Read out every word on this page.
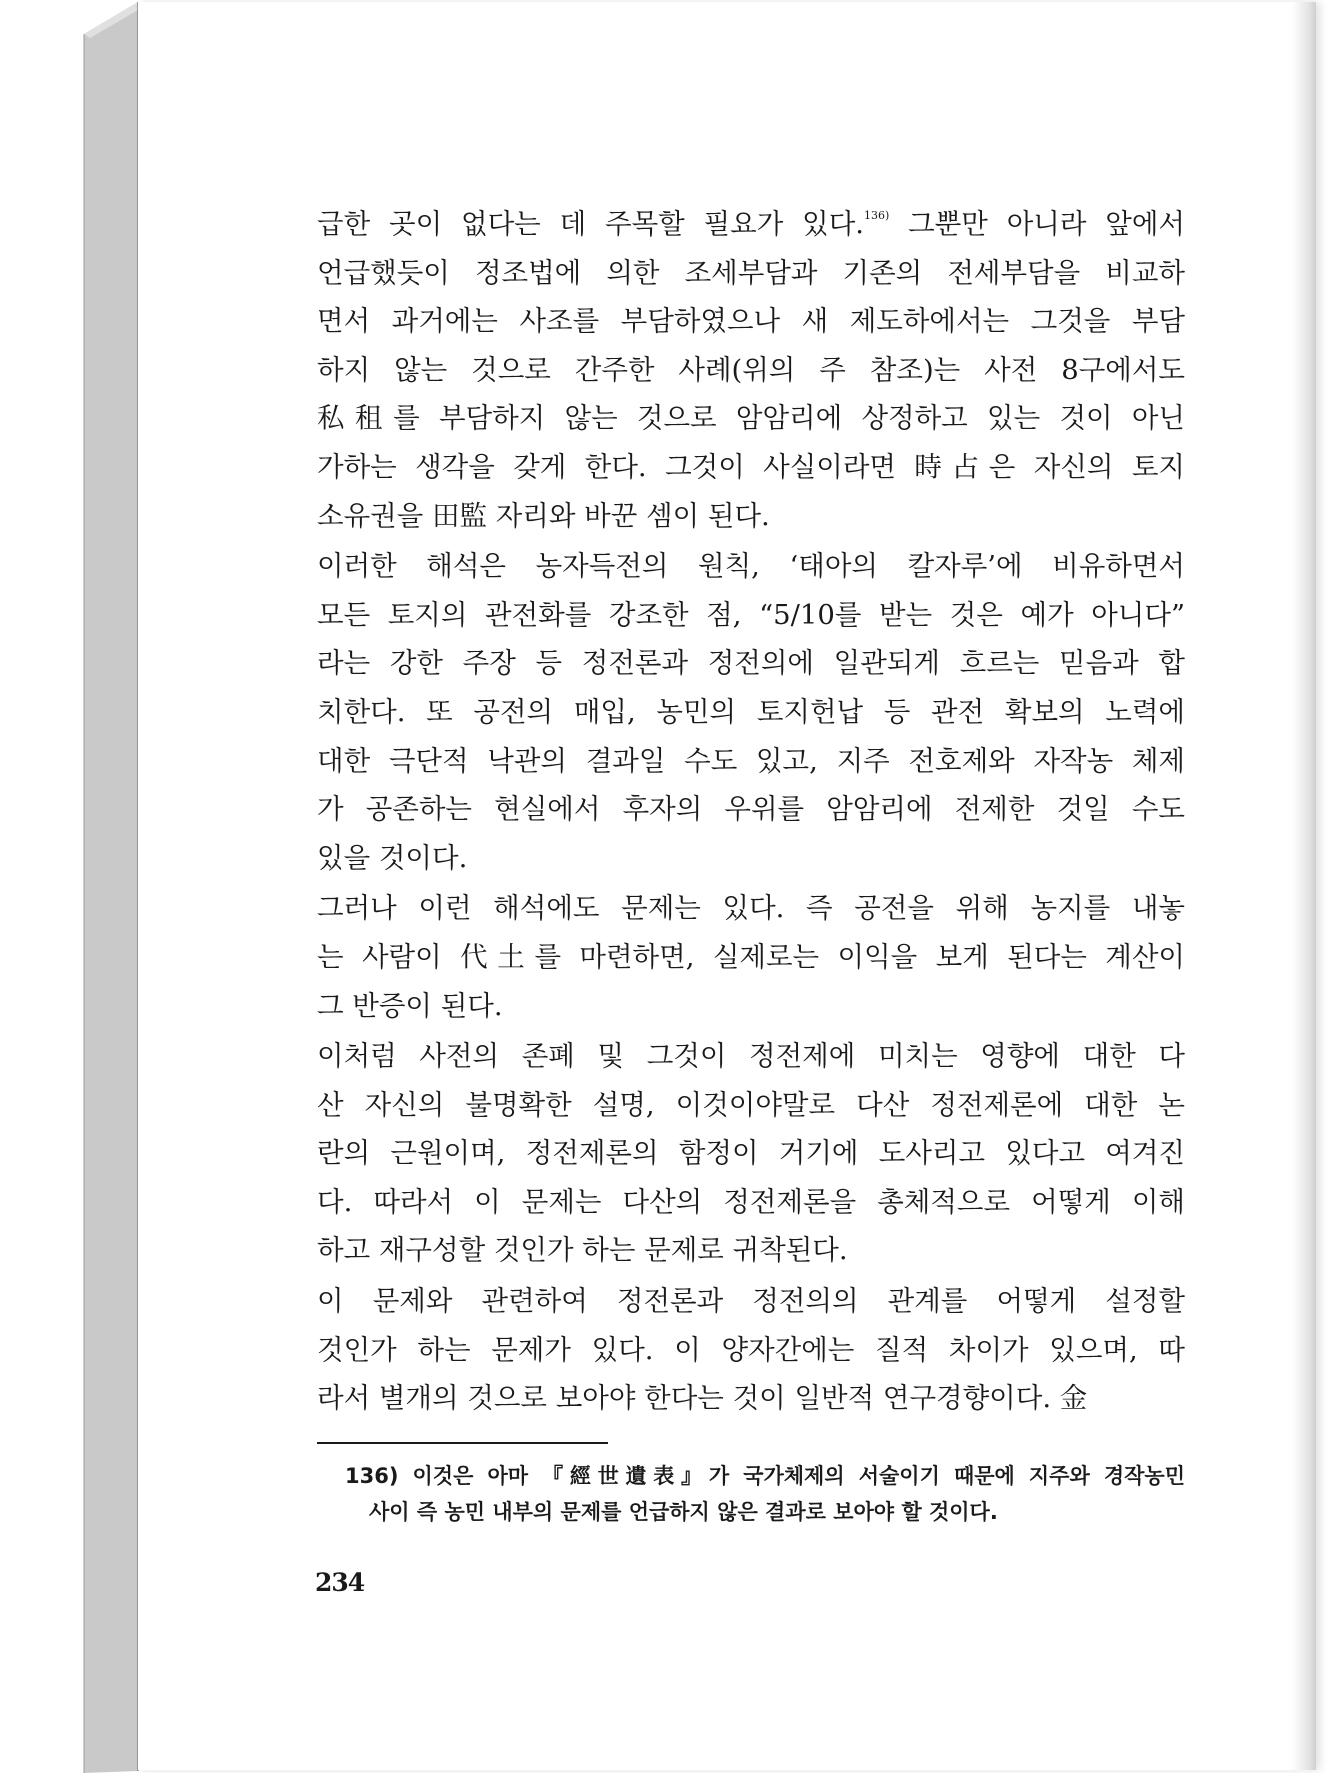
급한 곳이 없다는 데 주목할 필요가 있다.$^{136)}$ 그뿐만 아니라 앞에서
언급했듯이 정조법에 의한 조세부담과 기존의 전세부담을 비교하
면서 과거에는 사조를 부담하였으나 새 제도하에서는 그것을 부담
하지 않는 것으로 간주한 사례(위의 주 참조)는 사전 8구에서도
私租를 부담하지 않는 것으로 암암리에 상정하고 있는 것이 아닌
가하는 생각을 갖게 한다. 그것이 사실이라면 時占은 자신의 토지
소유권을 田監 자리와 바꾼 셈이 된다.
이러한 해석은 농자득전의 원칙, ‘태아의 칼자루’에 비유하면서
모든 토지의 관전화를 강조한 점, “5/10를 받는 것은 예가 아니다”
라는 강한 주장 등 정전론과 정전의에 일관되게 흐르는 믿음과 합
치한다. 또 공전의 매입, 농민의 토지헌납 등 관전 확보의 노력에
대한 극단적 낙관의 결과일 수도 있고, 지주 전호제와 자작농 체제
가 공존하는 현실에서 후자의 우위를 암암리에 전제한 것일 수도
있을 것이다.
그러나 이런 해석에도 문제는 있다. 즉 공전을 위해 농지를 내놓
는 사람이 代土를 마련하면, 실제로는 이익을 보게 된다는 계산이
그 반증이 된다.
이처럼 사전의 존폐 및 그것이 정전제에 미치는 영향에 대한 다
산 자신의 불명확한 설명, 이것이야말로 다산 정전제론에 대한 논
란의 근원이며, 정전제론의 함정이 거기에 도사리고 있다고 여겨진
다. 따라서 이 문제는 다산의 정전제론을 총체적으로 어떻게 이해
하고 재구성할 것인가 하는 문제로 귀착된다.
이 문제와 관련하여 정전론과 정전의의 관계를 어떻게 설정할
것인가 하는 문제가 있다. 이 양자간에는 질적 차이가 있으며, 따
라서 별개의 것으로 보아야 한다는 것이 일반적 연구경향이다. 金
136) 이것은 아마 『經世遺表』가 국가체제의 서술이기 때문에 지주와 경작농민
사이 즉 농민 내부의 문제를 언급하지 않은 결과로 보아야 할 것이다.
234
